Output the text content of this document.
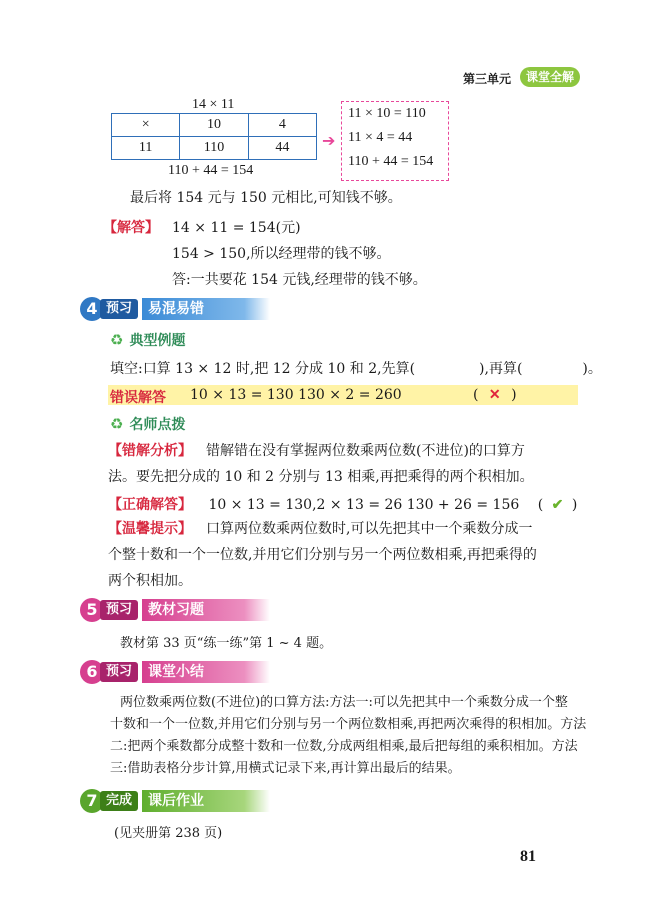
第三单元	课堂全解
14 × 11
×	10	4
11	110	44
110 + 44 = 154
➔
11 × 10 = 110
11 × 4 = 44
110 + 44 = 154
最后将 154 元与 150 元相比,可知钱不够。
【解答】 14 × 11 = 154(元)
154 > 150,所以经理带的钱不够。
答:一共要花 154 元钱,经理带的钱不够。
4 预习	易混易错
♻ 典型例题
填空:口算 13 × 12 时,把 12 分成 10 和 2,先算(	),再算(	)。
错误解答 10 × 13 = 130 130 × 2 = 260	( ✕ )
♻ 名师点拨
【错解分析】 错解错在没有掌握两位数乘两位数(不进位)的口算方
法。要先把分成的 10 和 2 分别与 13 相乘,再把乘得的两个积相加。
【正确解答】 10 × 13 = 130,2 × 13 = 26 130 + 26 = 156 ( ✔ )
【温馨提示】 口算两位数乘两位数时,可以先把其中一个乘数分成一
个整十数和一个一位数,并用它们分别与另一个两位数相乘,再把乘得的
两个积相加。
5 预习	教材习题
教材第 33 页“练一练”第 1 ~ 4 题。
6 预习	课堂小结
两位数乘两位数(不进位)的口算方法:方法一:可以先把其中一个乘数分成一个整
十数和一个一位数,并用它们分别与另一个两位数相乘,再把两次乘得的积相加。方法
二:把两个乘数都分成整十数和一位数,分成两组相乘,最后把每组的乘积相加。方法
三:借助表格分步计算,用横式记录下来,再计算出最后的结果。
7 完成	课后作业
(见夹册第 238 页)
81
